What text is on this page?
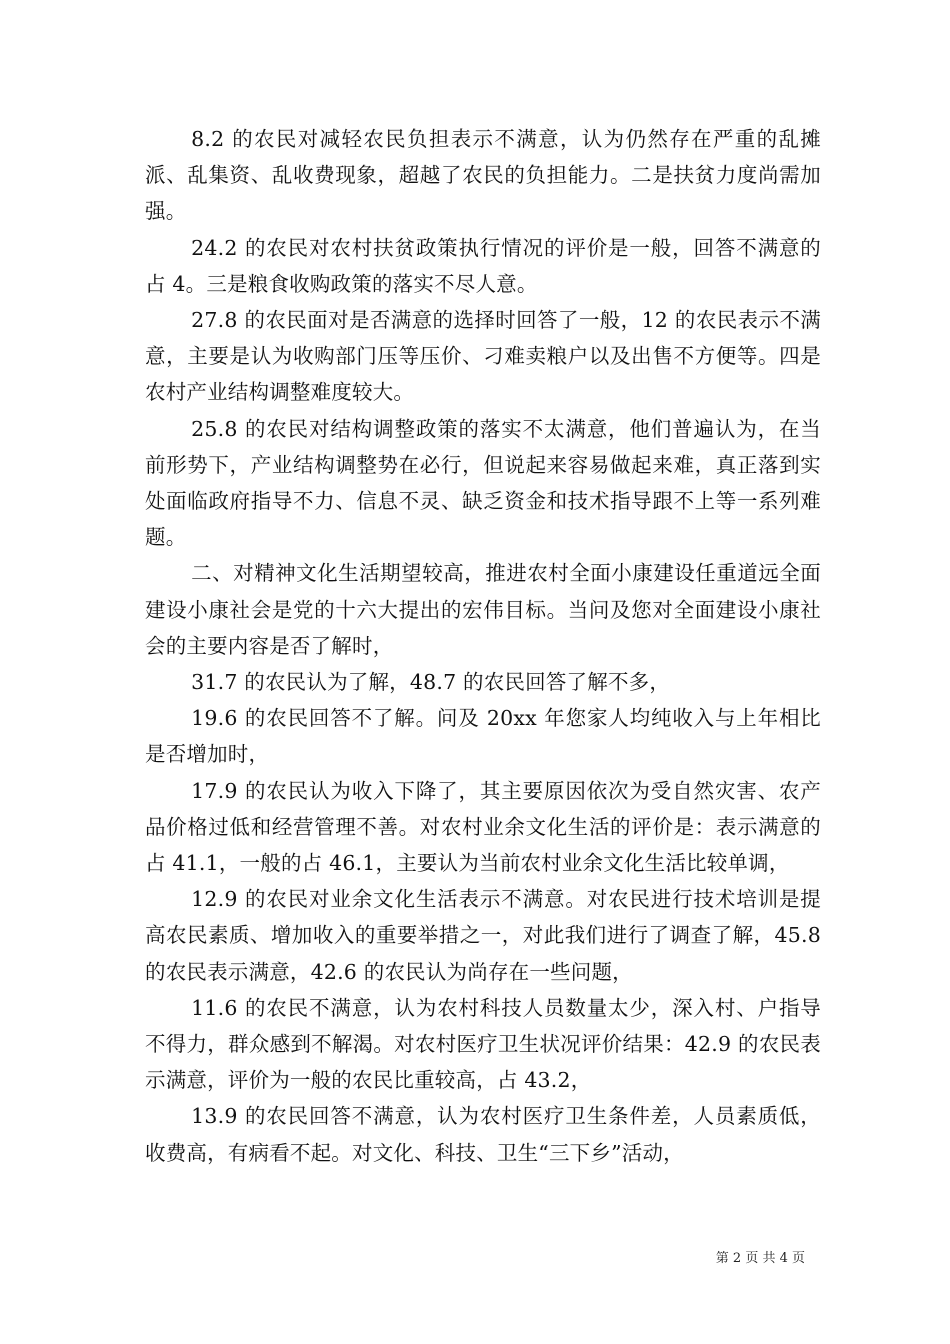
8.2 的农民对减轻农民负担表示不满意，认为仍然存在严重的乱摊派、乱集资、乱收费现象，超越了农民的负担能力。二是扶贫力度尚需加强。

24.2 的农民对农村扶贫政策执行情况的评价是一般，回答不满意的占 4。三是粮食收购政策的落实不尽人意。

27.8 的农民面对是否满意的选择时回答了一般，12 的农民表示不满意，主要是认为收购部门压等压价、刁难卖粮户以及出售不方便等。四是农村产业结构调整难度较大。

25.8 的农民对结构调整政策的落实不太满意，他们普遍认为，在当前形势下，产业结构调整势在必行，但说起来容易做起来难，真正落到实处面临政府指导不力、信息不灵、缺乏资金和技术指导跟不上等一系列难题。

二、对精神文化生活期望较高，推进农村全面小康建设任重道远全面建设小康社会是党的十六大提出的宏伟目标。当问及您对全面建设小康社会的主要内容是否了解时，

31.7 的农民认为了解，48.7 的农民回答了解不多，

19.6 的农民回答不了解。问及 20xx 年您家人均纯收入与上年相比是否增加时，

17.9 的农民认为收入下降了，其主要原因依次为受自然灾害、农产品价格过低和经营管理不善。对农村业余文化生活的评价是：表示满意的占 41.1，一般的占 46.1，主要认为当前农村业余文化生活比较单调，

12.9 的农民对业余文化生活表示不满意。对农民进行技术培训是提高农民素质、增加收入的重要举措之一，对此我们进行了调查了解，45.8 的农民表示满意，42.6 的农民认为尚存在一些问题，

11.6 的农民不满意，认为农村科技人员数量太少，深入村、户指导不得力，群众感到不解渴。对农村医疗卫生状况评价结果：42.9 的农民表示满意，评价为一般的农民比重较高，占 43.2，

13.9 的农民回答不满意，认为农村医疗卫生条件差，人员素质低，收费高，有病看不起。对文化、科技、卫生“三下乡”活动，

第 2 页 共 4 页
